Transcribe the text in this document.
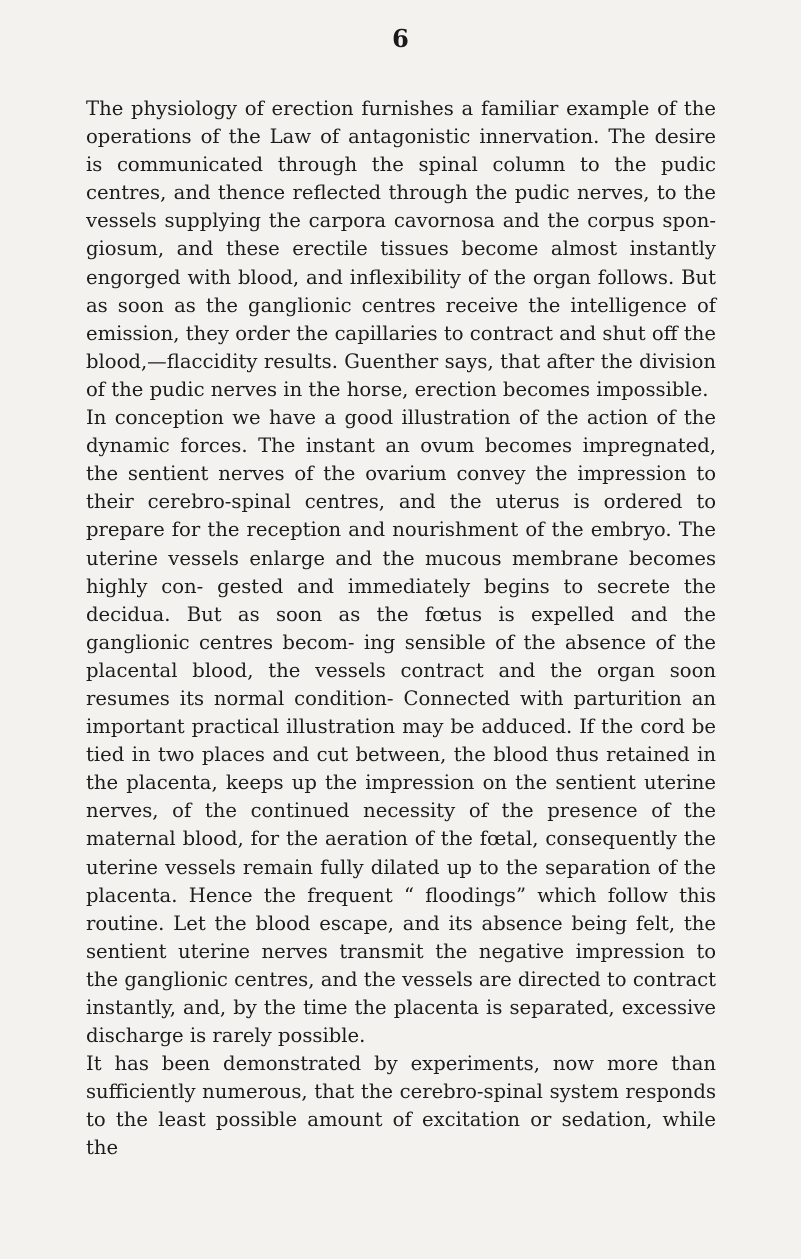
6

The physiology of erection furnishes a familiar example of the operations of the Law of antagonistic innervation. The desire is communicated through the spinal column to the pudic centres, and thence reflected through the pudic nerves, to the vessels supplying the carpora cavornosa and the corpus spon- giosum, and these erectile tissues become almost instantly engorged with blood, and inflexibility of the organ follows. But as soon as the ganglionic centres receive the intelligence of emission, they order the capillaries to contract and shut off the blood,—flaccidity results. Guenther says, that after the division of the pudic nerves in the horse, erection becomes impossible.

In conception we have a good illustration of the action of the dynamic forces. The instant an ovum becomes impregnated, the sentient nerves of the ovarium convey the impression to their cerebro-spinal centres, and the uterus is ordered to prepare for the reception and nourishment of the embryo. The uterine vessels enlarge and the mucous membrane becomes highly con- gested and immediately begins to secrete the decidua. But as soon as the fœtus is expelled and the ganglionic centres becom- ing sensible of the absence of the placental blood, the vessels contract and the organ soon resumes its normal condition- Connected with parturition an important practical illustration may be adduced. If the cord be tied in two places and cut between, the blood thus retained in the placenta, keeps up the impression on the sentient uterine nerves, of the continued necessity of the presence of the maternal blood, for the aeration of the fœtal, consequently the uterine vessels remain fully dilated up to the separation of the placenta. Hence the frequent “ floodings” which follow this routine. Let the blood escape, and its absence being felt, the sentient uterine nerves transmit the negative impression to the ganglionic centres, and the vessels are directed to contract instantly, and, by the time the placenta is separated, excessive discharge is rarely possible.

It has been demonstrated by experiments, now more than sufficiently numerous, that the cerebro-spinal system responds to the least possible amount of excitation or sedation, while the
